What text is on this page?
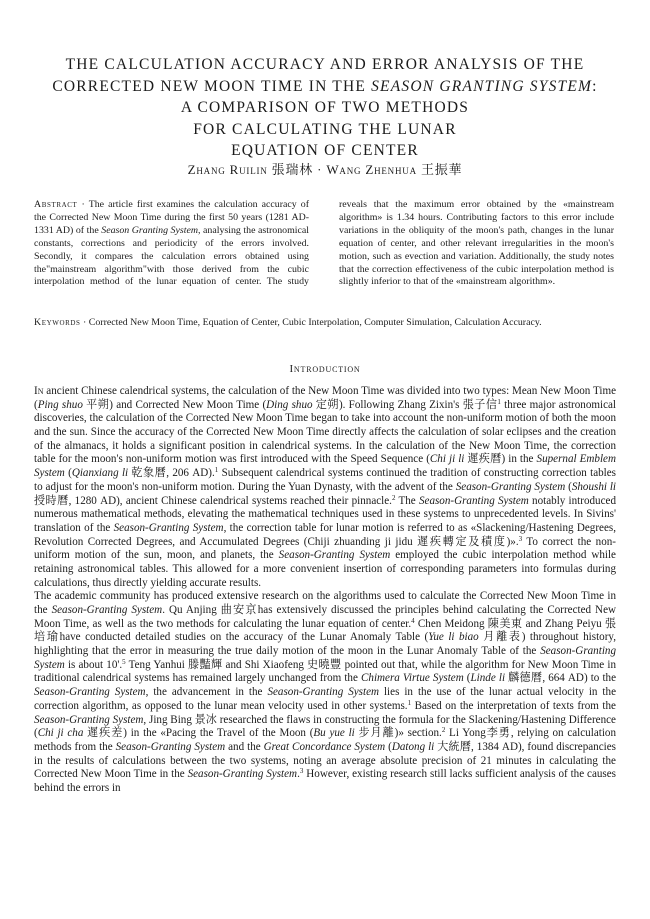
THE CALCULATION ACCURACY AND ERROR ANALYSIS OF THE
CORRECTED NEW MOON TIME IN THE SEASON GRANTING SYSTEM:
A COMPARISON OF TWO METHODS
FOR CALCULATING THE LUNAR
EQUATION OF CENTER
Zhang Ruilin 張瑞林 · Wang Zhenhua 王振華
Abstract · The article first examines the calculation accuracy of the Corrected New Moon Time during the first 50 years (1281 AD-1331 AD) of the Season Granting System, analysing the astronomical constants, corrections and periodicity of the errors involved. Secondly, it compares the calculation errors obtained using the"mainstream algorithm"with those derived from the cubic interpolation method of the lunar equation of center. The study reveals that the maximum error obtained by the «mainstream algorithm» is 1.34 hours. Contributing factors to this error include variations in the obliquity of the moon's path, changes in the lunar equation of center, and other relevant irregularities in the moon's motion, such as evection and variation. Additionally, the study notes that the correction effectiveness of the cubic interpolation method is slightly inferior to that of the «mainstream algorithm».
Keywords · Corrected New Moon Time, Equation of Center, Cubic Interpolation, Computer Simulation, Calculation Accuracy.
Introduction

In ancient Chinese calendrical systems, the calculation of the New Moon Time was divided into two types: Mean New Moon Time (Ping shuo 平朔) and Corrected New Moon Time (Ding shuo 定朔). Following Zhang Zixin's 張子信$^1$ three major astronomical discoveries, the calculation of the Corrected New Moon Time began to take into account the non-uniform motion of both the moon and the sun. Since the accuracy of the Corrected New Moon Time directly affects the calculation of solar eclipses and the creation of the almanacs, it holds a significant position in calendrical systems. In the calculation of the New Moon Time, the correction table for the moon's non-uniform motion was first introduced with the Speed Sequence (Chi ji li 遲疾曆) in the Supernal Emblem System (Qianxiang li 乾象曆, 206 AD).$^1$ Subsequent calendrical systems continued the tradition of constructing correction tables to adjust for the moon's non-uniform motion. During the Yuan Dynasty, with the advent of the Season-Granting System (Shoushi li 授時曆, 1280 AD), ancient Chinese calendrical systems reached their pinnacle.$^2$ The Season-Granting System notably introduced numerous mathematical methods, elevating the mathematical techniques used in these systems to unprecedented levels. In Sivins' translation of the Season-Granting System, the correction table for lunar motion is referred to as «Slackening/Hastening Degrees, Revolution Corrected Degrees, and Accumulated Degrees (Chiji zhuanding ji jidu 遲疾轉定及積度)».$^3$ To correct the non-uniform motion of the sun, moon, and planets, the Season-Granting System employed the cubic interpolation method while retaining astronomical tables. This allowed for a more convenient insertion of corresponding parameters into formulas during calculations, thus directly yielding accurate results.

The academic community has produced extensive research on the algorithms used to calculate the Corrected New Moon Time in the Season-Granting System. Qu Anjing 曲安京has extensively discussed the principles behind calculating the Corrected New Moon Time, as well as the two methods for calculating the lunar equation of center.$^4$ Chen Meidong 陳美東 and Zhang Peiyu 張培瑜have conducted detailed studies on the accuracy of the Lunar Anomaly Table (Yue li biao 月離表) throughout history, highlighting that the error in measuring the true daily motion of the moon in the Lunar Anomaly Table of the Season-Granting System is about 10'.$^5$ Teng Yanhui 滕豔輝 and Shi Xiaofeng 史曉豐 pointed out that, while the algorithm for New Moon Time in traditional calendrical systems has remained largely unchanged from the Chimera Virtue System (Linde li 麟德曆, 664 AD) to the Season-Granting System, the advancement in the Season-Granting System lies in the use of the lunar actual velocity in the correction algorithm, as opposed to the lunar mean velocity used in other systems.$^1$ Based on the interpretation of texts from the Season-Granting System, Jing Bing 景冰 researched the flaws in constructing the formula for the Slackening/Hastening Difference (Chi ji cha 遲疾差) in the «Pacing the Travel of the Moon (Bu yue li 步月離)» section.$^2$ Li Yong李勇, relying on calculation methods from the Season-Granting System and the Great Concordance System (Datong li 大統曆, 1384 AD), found discrepancies in the results of calculations between the two systems, noting an average absolute precision of 21 minutes in calculating the Corrected New Moon Time in the Season-Granting System.$^3$ However, existing research still lacks sufficient analysis of the causes behind the errors in
